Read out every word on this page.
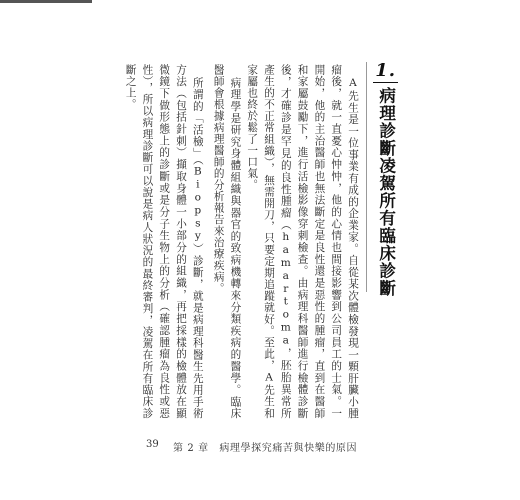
1.病理診斷凌駕所有臨床診斷

A先生是一位事業有成的企業家。自從某次體檢發現一顆肝臟小腫瘤後，就一直憂心忡忡，他的心情也間接影響到公司員工的士氣。一開始，他的主治醫師也無法斷定是良性還是惡性的腫瘤，直到在醫師和家屬鼓勵下，進行活檢影像穿刺檢查。由病理科醫師進行檢體診斷後，才確診是罕見的良性腫瘤（hamartoma，胚胎異常所產生的不正常組織），無需開刀，只要定期追蹤就好。至此，A先生和家屬也終於鬆了一口氣。

病理學是研究身體組織與器官的致病機轉來分類疾病的醫學。臨床醫師會根據病理醫師的分析報告來治療疾病。

所謂的「活檢」（Biopsy）診斷，就是病理科醫生先用手術方法（包括針刺）擷取身體一小部分的組織，再把採樣的檢體放在顯微鏡下做形態上的診斷或是分子生物上的分析（確認腫瘤為良性或惡性），所以病理診斷可以說是病人狀況的最終審判，凌駕在所有臨床診斷之上。

39 第 2 章　病理學探究痛苦與快樂的原因
